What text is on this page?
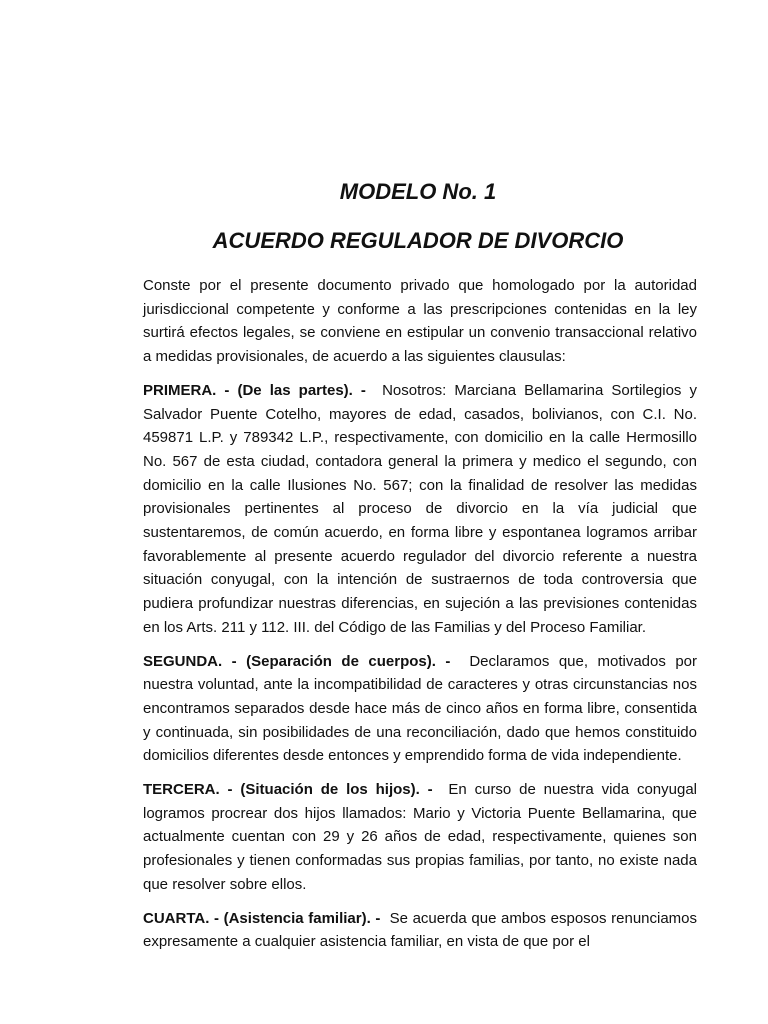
MODELO No. 1
ACUERDO REGULADOR DE DIVORCIO

Conste por el presente documento privado que homologado por la autoridad jurisdiccional competente y conforme a las prescripciones contenidas en la ley surtirá efectos legales, se conviene en estipular un convenio transaccional relativo a medidas provisionales, de acuerdo a las siguientes clausulas:

PRIMERA. - (De las partes). - Nosotros: Marciana Bellamarina Sortilegios y Salvador Puente Cotelho, mayores de edad, casados, bolivianos, con C.I. No. 459871 L.P. y 789342 L.P., respectivamente, con domicilio en la calle Hermosillo No. 567 de esta ciudad, contadora general la primera y medico el segundo, con domicilio en la calle Ilusiones No. 567; con la finalidad de resolver las medidas provisionales pertinentes al proceso de divorcio en la vía judicial que sustentaremos, de común acuerdo, en forma libre y espontanea logramos arribar favorablemente al presente acuerdo regulador del divorcio referente a nuestra situación conyugal, con la intención de sustraernos de toda controversia que pudiera profundizar nuestras diferencias, en sujeción a las previsiones contenidas en los Arts. 211 y 112. III. del Código de las Familias y del Proceso Familiar.

SEGUNDA. - (Separación de cuerpos). - Declaramos que, motivados por nuestra voluntad, ante la incompatibilidad de caracteres y otras circunstancias nos encontramos separados desde hace más de cinco años en forma libre, consentida y continuada, sin posibilidades de una reconciliación, dado que hemos constituido domicilios diferentes desde entonces y emprendido forma de vida independiente.

TERCERA. - (Situación de los hijos). - En curso de nuestra vida conyugal logramos procrear dos hijos llamados: Mario y Victoria Puente Bellamarina, que actualmente cuentan con 29 y 26 años de edad, respectivamente, quienes son profesionales y tienen conformadas sus propias familias, por tanto, no existe nada que resolver sobre ellos.

CUARTA. - (Asistencia familiar). - Se acuerda que ambos esposos renunciamos expresamente a cualquier asistencia familiar, en vista de que por el
